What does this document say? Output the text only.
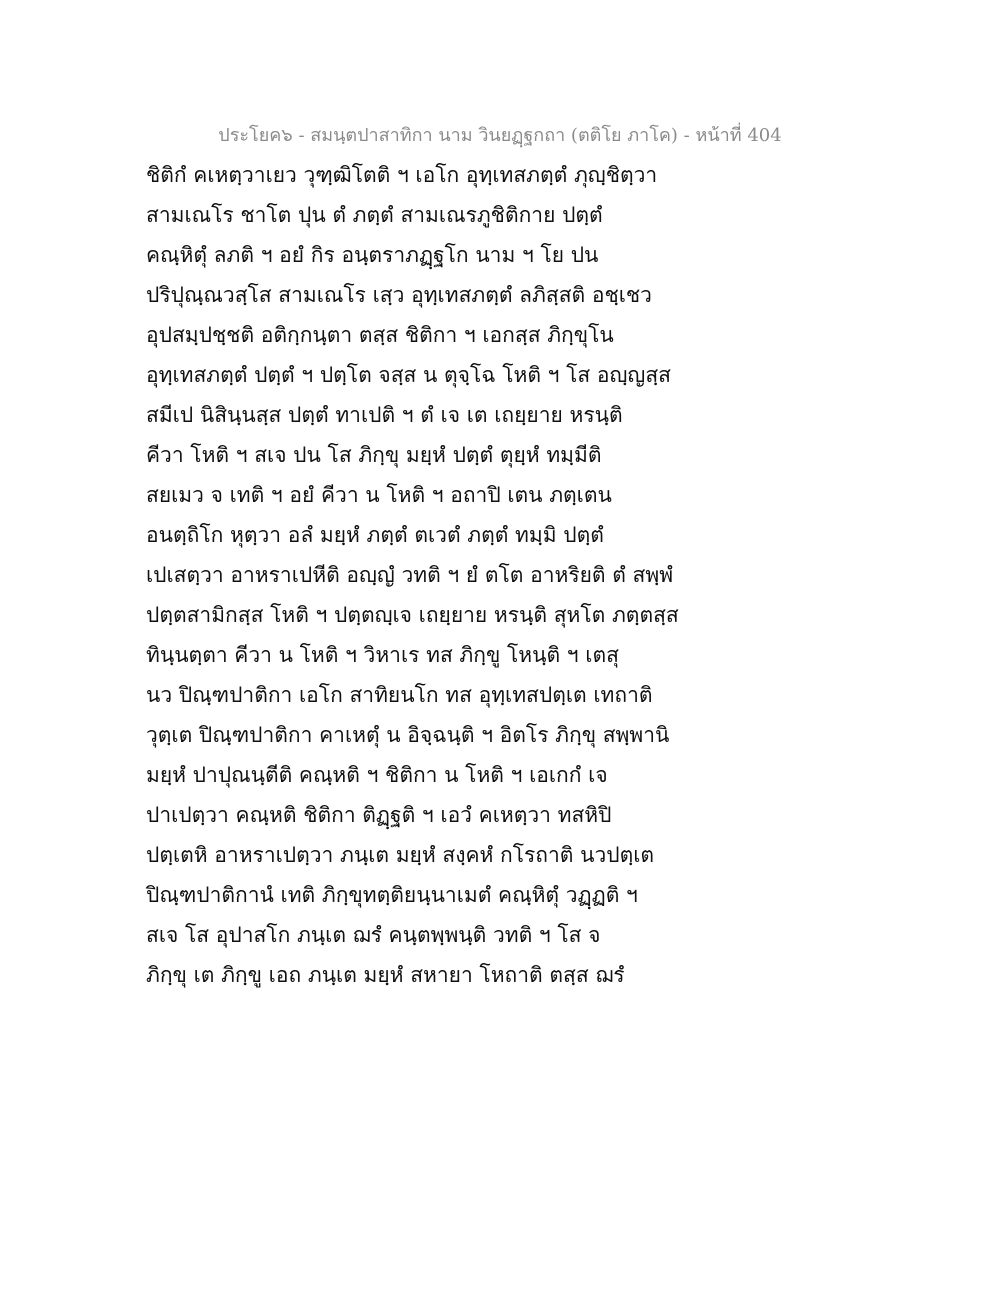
ประโยค๖ - สมนฺตปาสาทิกา นาม วินยฏฺฐกถา (ตติโย ภาโค) - หน้าที่ 404
ชิติกํ คเหตฺวาเยว วุฑฺฒิโตติ ฯ เอโก อุทฺเทสภตฺตํ ภุญฺชิตฺวา
สามเณโร ชาโต ปุน ตํ ภตฺตํ สามเณรภูชิติกาย ปตฺตํ
คณฺหิตุํ ลภติ ฯ อยํ กิร อนฺตราภฏฺฐโก นาม ฯ โย ปน
ปริปุณฺณวสฺโส สามเณโร เสฺว อุทฺเทสภตฺตํ ลภิสฺสติ อชฺเชว
อุปสมฺปชฺชติ อติกฺกนฺตา ตสฺส ชิติกา ฯ เอกสฺส ภิกฺขุโน
อุทฺเทสภตฺตํ ปตฺตํ ฯ ปตฺโต จสฺส น ตุจฺโฉ โหติ ฯ โส อญฺญสฺส
สมีเป นิสินฺนสฺส ปตฺตํ ทาเปติ ฯ ตํ เจ เต เถยฺยาย หรนฺติ
คีวา โหติ ฯ สเจ ปน โส ภิกฺขุ มยฺหํ ปตฺตํ ตุยฺหํ ทมฺมีติ
สยเมว จ เทติ ฯ อยํ คีวา น โหติ ฯ อถาปิ เตน ภตฺเตน
อนตฺถิโก หุตฺวา อลํ มยฺหํ ภตฺตํ ตเวตํ ภตฺตํ ทมฺมิ ปตฺตํ
เปเสตฺวา อาหราเปหีติ อญฺญํ วทติ ฯ ยํ ตโต อาหริยติ ตํ สพฺพํ
ปตฺตสามิกสฺส โหติ ฯ ปตฺตญฺเจ เถยฺยาย หรนฺติ สุหโต ภตฺตสฺส
ทินฺนตฺตา คีวา น โหติ ฯ วิหาเร ทส ภิกฺขู โหนฺติ ฯ เตสุ
นว ปิณฺฑปาติกา เอโก สาทิยนโก ทส อุทฺเทสปตฺเต เทถาติ
วุตฺเต ปิณฺฑปาติกา คาเหตุํ น อิจฺฉนฺติ ฯ อิตโร ภิกฺขุ สพฺพานิ
มยฺหํ ปาปุณนฺตีติ คณฺหติ ฯ ชิติกา น โหติ ฯ เอเกกํ เจ
ปาเปตฺวา คณฺหติ ชิติกา ติฏฺฐติ ฯ เอวํ คเหตฺวา ทสหิปิ
ปตฺเตหิ อาหราเปตฺวา ภนฺเต มยฺหํ สงฺคหํ กโรถาติ นวปตฺเต
ปิณฺฑปาติกานํ เทติ ภิกฺขุทตฺติยนฺนาเมตํ คณฺหิตุํ วฏฺฏติ ฯ
สเจ โส อุปาสโก ภนฺเต ฌรํ คนฺตพฺพนฺติ วทติ ฯ โส จ
ภิกฺขุ เต ภิกฺขู เอถ ภนฺเต มยฺหํ สหายา โหถาติ ตสฺส ฌรํ
